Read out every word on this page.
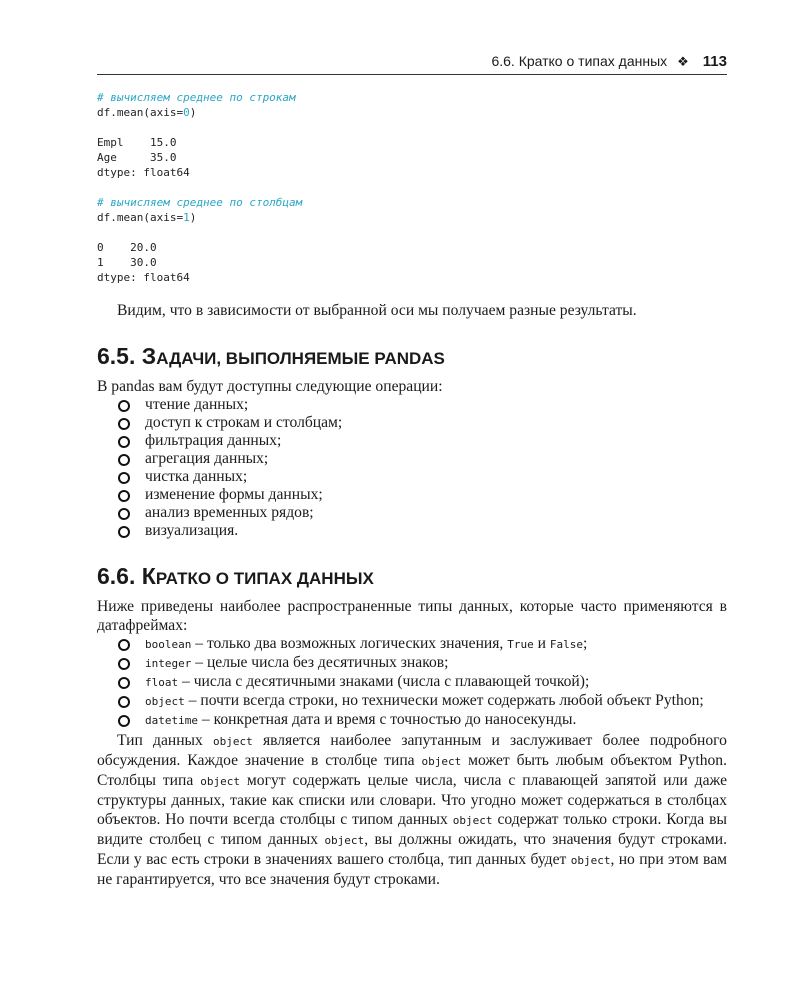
6.6. Кратко о типах данных ❖ 113
# вычисляем среднее по строкам
df.mean(axis=0)

Empl    15.0
Age     35.0
dtype: float64

# вычисляем среднее по столбцам
df.mean(axis=1)

0    20.0
1    30.0
dtype: float64

Видим, что в зависимости от выбранной оси мы получаем разные результаты.

6.5. ЗАДАЧИ, ВЫПОЛНЯЕМЫЕ PANDAS

В pandas вам будут доступны следующие операции:

чтение данных;
доступ к строкам и столбцам;
фильтрация данных;
агрегация данных;
чистка данных;
изменение формы данных;
анализ временных рядов;
визуализация.
6.6. КРАТКО О ТИПАХ ДАННЫХ

Ниже приведены наиболее распространенные типы данных, которые часто применяются в датафреймах:

boolean – только два возможных логических значения, True и False;
integer – целые числа без десятичных знаков;
float – числа с десятичными знаками (числа с плавающей точкой);
object – почти всегда строки, но технически может содержать любой объект Python;
datetime – конкретная дата и время с точностью до наносекунды.

Тип данных object является наиболее запутанным и заслуживает более подробного обсуждения. Каждое значение в столбце типа object может быть любым объектом Python. Столбцы типа object могут содержать целые числа, числа с плавающей запятой или даже структуры данных, такие как списки или словари. Что угодно может содержаться в столбцах объектов. Но почти всегда столбцы с типом данных object содержат только строки. Когда вы видите столбец с типом данных object, вы должны ожидать, что значения будут строками. Если у вас есть строки в значениях вашего столбца, тип данных будет object, но при этом вам не гарантируется, что все значения будут строками.
